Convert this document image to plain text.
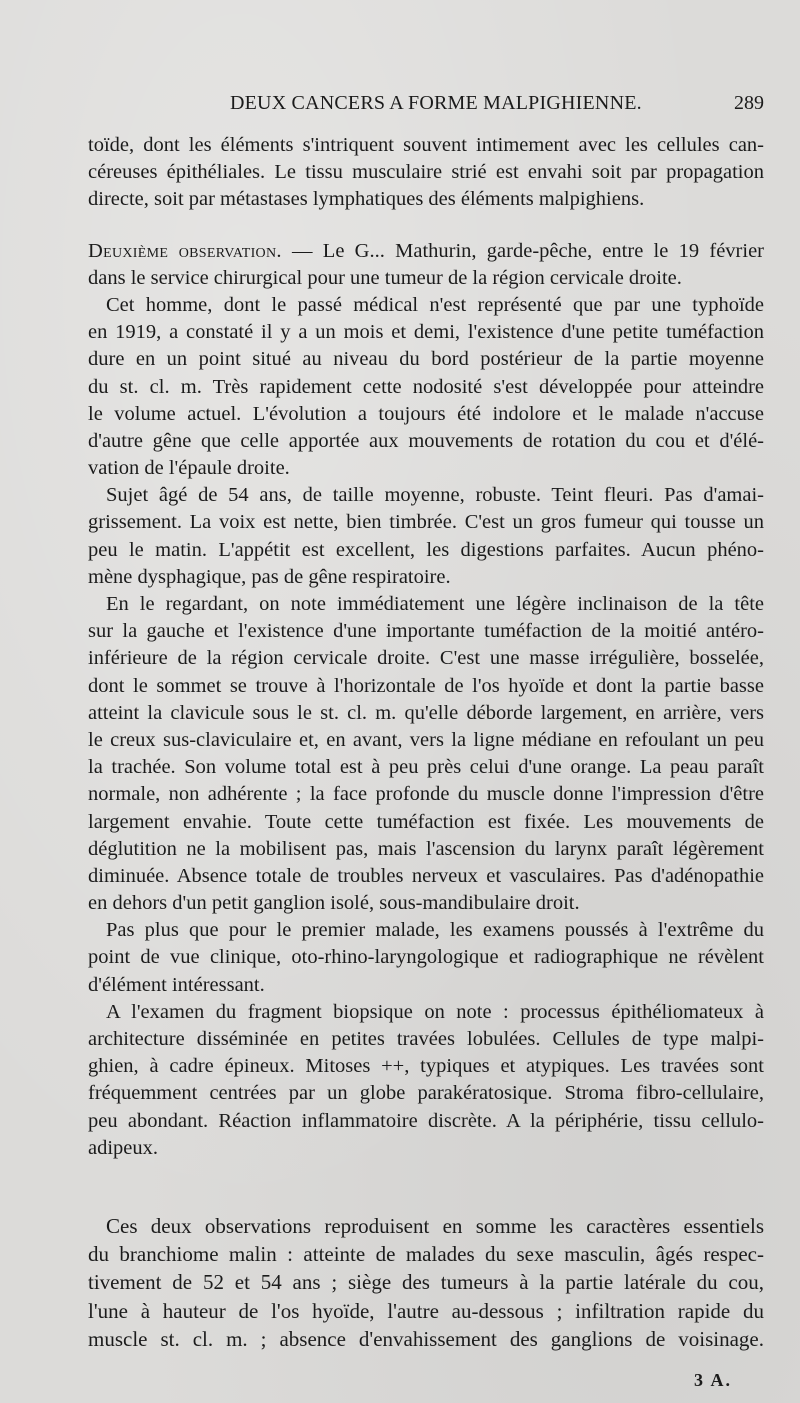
DEUX CANCERS A FORME MALPIGHIENNE.	289
toïde, dont les éléments s'intriquent souvent intimement avec les cellules can-
céreuses épithéliales. Le tissu musculaire strié est envahi soit par propagation
directe, soit par métastases lymphatiques des éléments malpighiens.
Deuxième observation. — Le G... Mathurin, garde-pêche, entre le 19 février
dans le service chirurgical pour une tumeur de la région cervicale droite.
Cet homme, dont le passé médical n'est représenté que par une typhoïde
en 1919, a constaté il y a un mois et demi, l'existence d'une petite tuméfaction
dure en un point situé au niveau du bord postérieur de la partie moyenne
du st. cl. m. Très rapidement cette nodosité s'est développée pour atteindre
le volume actuel. L'évolution a toujours été indolore et le malade n'accuse
d'autre gêne que celle apportée aux mouvements de rotation du cou et d'élé-
vation de l'épaule droite.
Sujet âgé de 54 ans, de taille moyenne, robuste. Teint fleuri. Pas d'amai-
grissement. La voix est nette, bien timbrée. C'est un gros fumeur qui tousse un
peu le matin. L'appétit est excellent, les digestions parfaites. Aucun phéno-
mène dysphagique, pas de gêne respiratoire.
En le regardant, on note immédiatement une légère inclinaison de la tête
sur la gauche et l'existence d'une importante tuméfaction de la moitié antéro-
inférieure de la région cervicale droite. C'est une masse irrégulière, bosselée,
dont le sommet se trouve à l'horizontale de l'os hyoïde et dont la partie basse
atteint la clavicule sous le st. cl. m. qu'elle déborde largement, en arrière, vers
le creux sus-claviculaire et, en avant, vers la ligne médiane en refoulant un peu
la trachée. Son volume total est à peu près celui d'une orange. La peau paraît
normale, non adhérente ; la face profonde du muscle donne l'impression d'être
largement envahie. Toute cette tuméfaction est fixée. Les mouvements de
déglutition ne la mobilisent pas, mais l'ascension du larynx paraît légèrement
diminuée. Absence totale de troubles nerveux et vasculaires. Pas d'adénopathie
en dehors d'un petit ganglion isolé, sous-mandibulaire droit.
Pas plus que pour le premier malade, les examens poussés à l'extrême du
point de vue clinique, oto-rhino-laryngologique et radiographique ne révèlent
d'élément intéressant.
A l'examen du fragment biopsique on note : processus épithéliomateux à
architecture disséminée en petites travées lobulées. Cellules de type malpi-
ghien, à cadre épineux. Mitoses ++, typiques et atypiques. Les travées sont
fréquemment centrées par un globe parakératosique. Stroma fibro-cellulaire,
peu abondant. Réaction inflammatoire discrète. A la périphérie, tissu cellulo-
adipeux.
Ces deux observations reproduisent en somme les caractères essentiels
du branchiome malin : atteinte de malades du sexe masculin, âgés respec-
tivement de 52 et 54 ans ; siège des tumeurs à la partie latérale du cou,
l'une à hauteur de l'os hyoïde, l'autre au-dessous ; infiltration rapide du
muscle st. cl. m. ; absence d'envahissement des ganglions de voisinage.
3 A.
